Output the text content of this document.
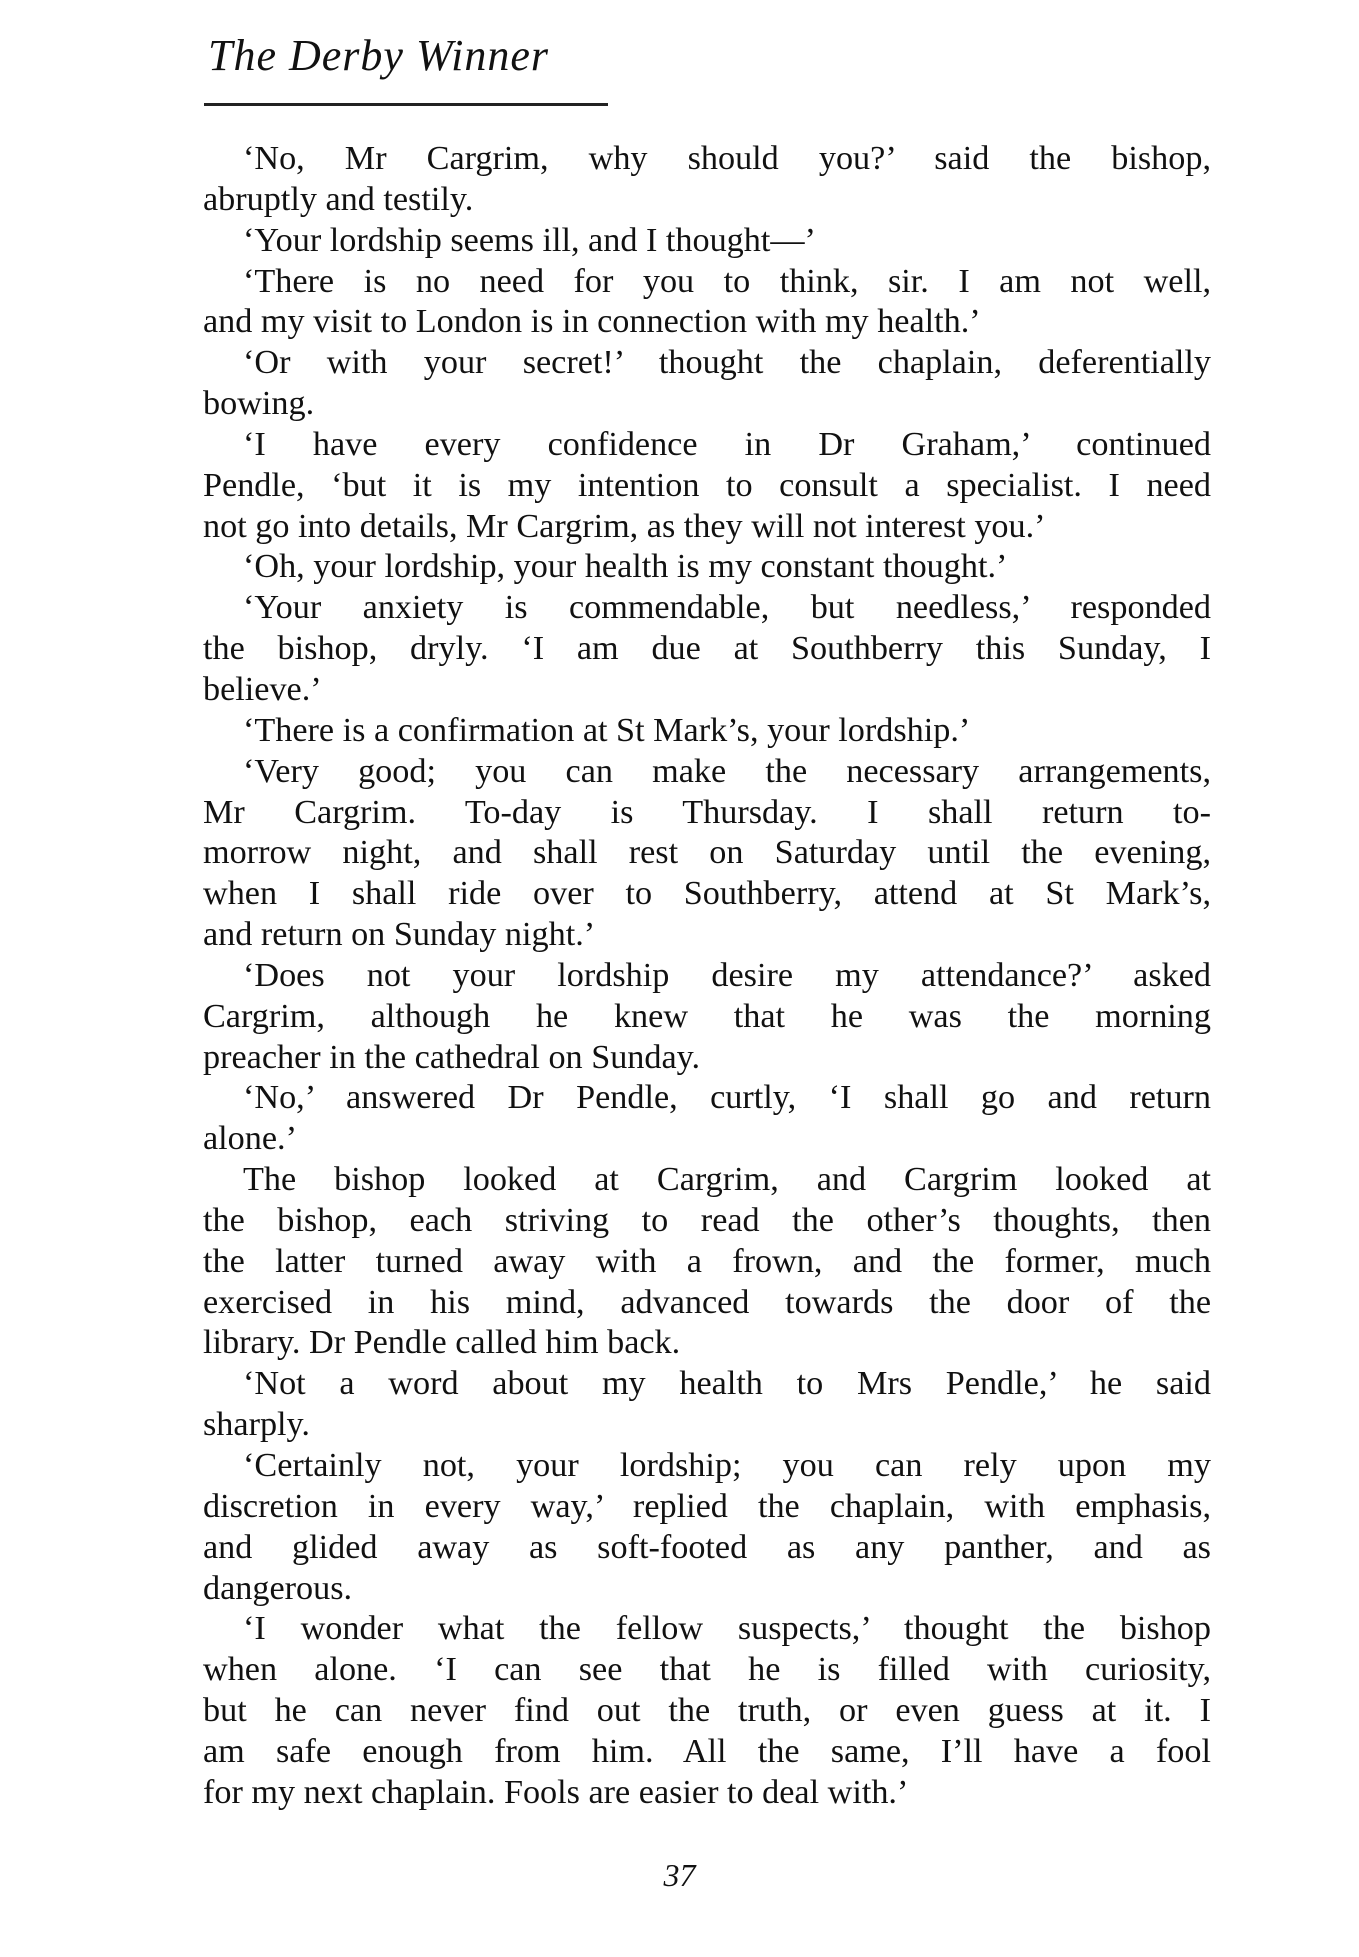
The Derby Winner
‘No, Mr Cargrim, why should you?’ said the bishop,
abruptly and testily.
‘Your lordship seems ill, and I thought—’
‘There is no need for you to think, sir. I am not well,
and my visit to London is in connection with my health.’
‘Or with your secret!’ thought the chaplain, deferentially
bowing.
‘I have every confidence in Dr Graham,’ continued
Pendle, ‘but it is my intention to consult a specialist. I need
not go into details, Mr Cargrim, as they will not interest you.’
‘Oh, your lordship, your health is my constant thought.’
‘Your anxiety is commendable, but needless,’ responded
the bishop, dryly. ‘I am due at Southberry this Sunday, I
believe.’
‘There is a confirmation at St Mark’s, your lordship.’
‘Very good; you can make the necessary arrangements,
Mr Cargrim. To-day is Thursday. I shall return to-
morrow night, and shall rest on Saturday until the evening,
when I shall ride over to Southberry, attend at St Mark’s,
and return on Sunday night.’
‘Does not your lordship desire my attendance?’ asked
Cargrim, although he knew that he was the morning
preacher in the cathedral on Sunday.
‘No,’ answered Dr Pendle, curtly, ‘I shall go and return
alone.’
The bishop looked at Cargrim, and Cargrim looked at
the bishop, each striving to read the other’s thoughts, then
the latter turned away with a frown, and the former, much
exercised in his mind, advanced towards the door of the
library. Dr Pendle called him back.
‘Not a word about my health to Mrs Pendle,’ he said
sharply.
‘Certainly not, your lordship; you can rely upon my
discretion in every way,’ replied the chaplain, with emphasis,
and glided away as soft-footed as any panther, and as
dangerous.
‘I wonder what the fellow suspects,’ thought the bishop
when alone. ‘I can see that he is filled with curiosity,
but he can never find out the truth, or even guess at it. I
am safe enough from him. All the same, I’ll have a fool
for my next chaplain. Fools are easier to deal with.’
37
